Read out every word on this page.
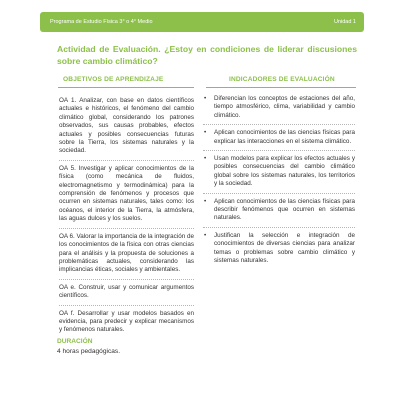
Programa de Estudio Física 3° o 4° Medio	Unidad 1
Actividad de Evaluación. ¿Estoy en condiciones de liderar discusiones sobre cambio climático?
OBJETIVOS DE APRENDIZAJE	INDICADORES DE EVALUACIÓN
OA 1. Analizar, con base en datos científicos actuales e históricos, el fenómeno del cambio climático global, considerando los patrones observados, sus causas probables, efectos actuales y posibles consecuencias futuras sobre la Tierra, los sistemas naturales y la sociedad.
OA 5. Investigar y aplicar conocimientos de la física (como mecánica de fluidos, electromagnetismo y termodinámica) para la comprensión de fenómenos y procesos que ocurren en sistemas naturales, tales como: los océanos, el interior de la Tierra, la atmósfera, las aguas dulces y los suelos.
OA 6. Valorar la importancia de la integración de los conocimientos de la física con otras ciencias para el análisis y la propuesta de soluciones a problemáticas actuales, considerando las implicancias éticas, sociales y ambientales.
OA e. Construir, usar y comunicar argumentos científicos.
OA f. Desarrollar y usar modelos basados en evidencia, para predecir y explicar mecanismos y fenómenos naturales.
• Diferencian los conceptos de estaciones del año, tiempo atmosférico, clima, variabilidad y cambio climático.
• Aplican conocimientos de las ciencias físicas para explicar las interacciones en el sistema climático.
• Usan modelos para explicar los efectos actuales y posibles consecuencias del cambio climático global sobre los sistemas naturales, los territorios y la sociedad.
• Aplican conocimientos de las ciencias físicas para describir fenómenos que ocurren en sistemas naturales.
• Justifican la selección e integración de conocimientos de diversas ciencias para analizar temas o problemas sobre cambio climático y sistemas naturales.
DURACIÓN
4 horas pedagógicas.
